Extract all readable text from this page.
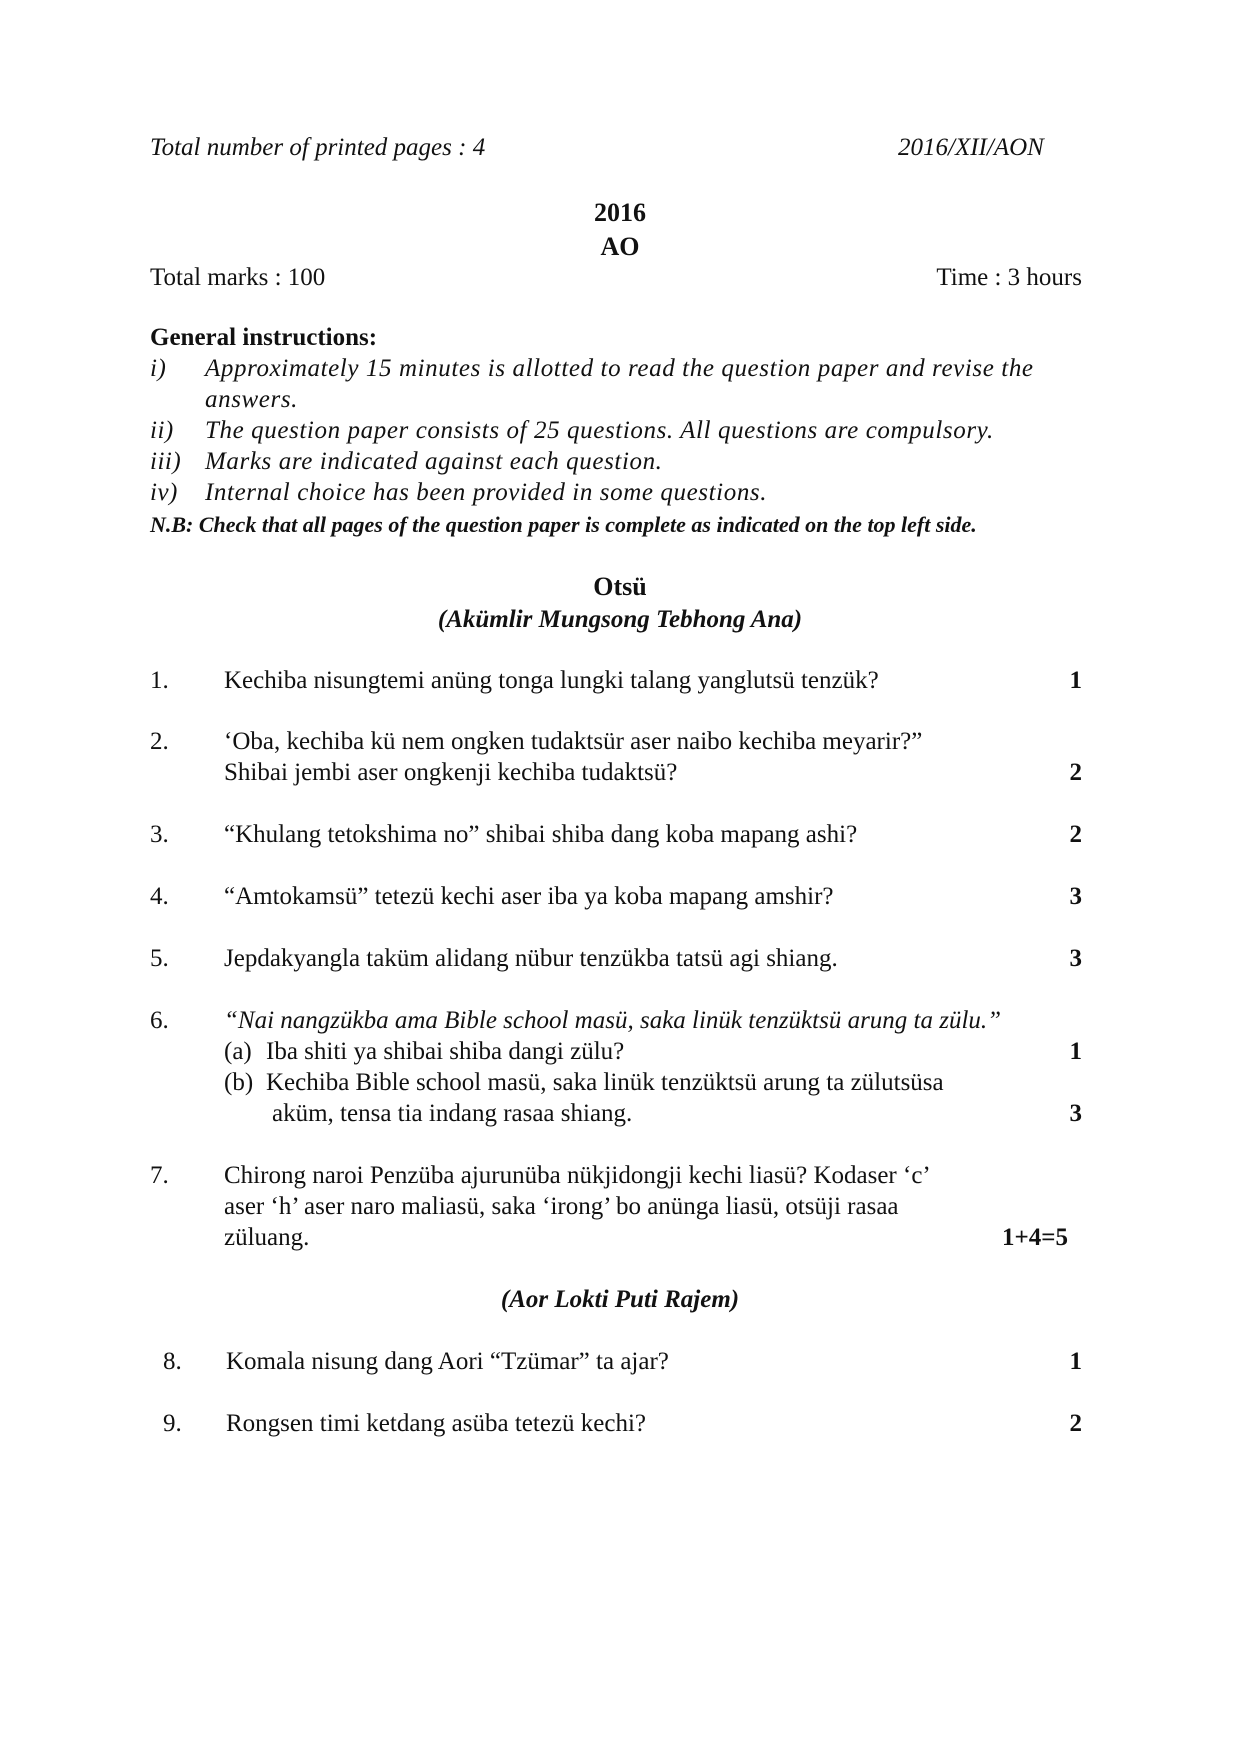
Total number of printed pages : 4	2016/XII/AON
2016
AO
Total marks : 100	Time : 3 hours
General instructions:
i) Approximately 15 minutes is allotted to read the question paper and revise the
answers.
ii) The question paper consists of 25 questions. All questions are compulsory.
iii) Marks are indicated against each question.
iv) Internal choice has been provided in some questions.
N.B: Check that all pages of the question paper is complete as indicated on the top left side.
Otsü
(Akümlir Mungsong Tebhong Ana)
1. Kechiba nisungtemi anüng tonga lungki talang yanglutsü tenzük?	1
2. ‘Oba, kechiba kü nem ongken tudaktsür aser naibo kechiba meyarir?”
Shibai jembi aser ongkenji kechiba tudaktsü?	2
3. “Khulang tetokshima no” shibai shiba dang koba mapang ashi?	2
4. “Amtokamsü” tetezü kechi aser iba ya koba mapang amshir?	3
5. Jepdakyangla taküm alidang nübur tenzükba tatsü agi shiang.	3
6. “Nai nangzükba ama Bible school masü, saka linük tenzüktsü arung ta zülu.”
(a) Iba shiti ya shibai shiba dangi zülu?	1
(b) Kechiba Bible school masü, saka linük tenzüktsü arung ta zülutsüsa
aküm, tensa tia indang rasaa shiang.	3
7. Chirong naroi Penzüba ajurunüba nükjidongji kechi liasü? Kodaser ‘c’
aser ‘h’ aser naro maliasü, saka ‘irong’ bo anünga liasü, otsüji rasaa
züluang.	1+4=5
(Aor Lokti Puti Rajem)
8. Komala nisung dang Aori “Tzümar” ta ajar?	1
9. Rongsen timi ketdang asüba tetezü kechi?	2
